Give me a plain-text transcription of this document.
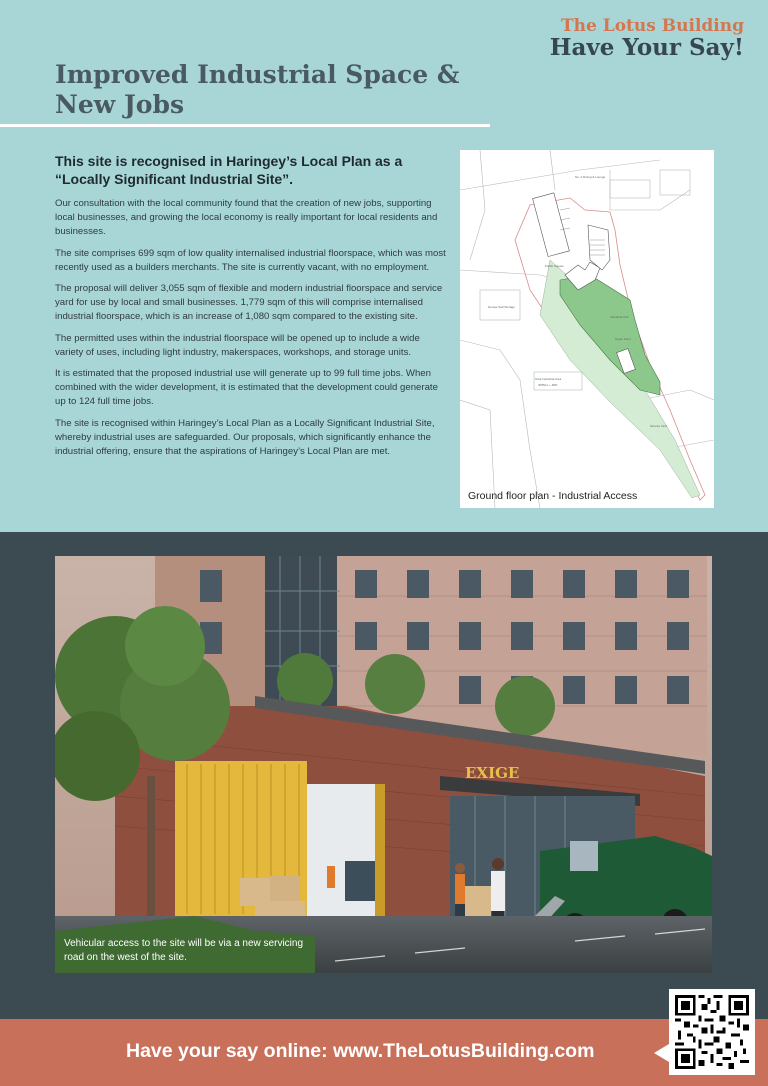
The Lotus Building
Have Your Say!
Improved Industrial Space & New Jobs
This site is recognised in Haringey’s Local Plan as a “Locally Significant Industrial Site”.

Our consultation with the local community found that the creation of new jobs, supporting local businesses, and growing the local economy is really important for local residents and businesses.

The site comprises 699 sqm of low quality internalised industrial floorspace, which was most recently used as a builders merchants. The site is currently vacant, with no employment.

The proposal will deliver 3,055 sqm of flexible and modern industrial floorspace and service yard for use by local and small businesses. 1,779 sqm of this will comprise internalised industrial floorspace, which is an increase of 1,080 sqm compared to the existing site.

The permitted uses within the industrial floorspace will be opened up to include a wide variety of uses, including light industry, makerspaces, workshops, and storage units.

It is estimated that the proposed industrial use will generate up to 99 full time jobs. When combined with the wider development, it is estimated that the development could generate up to 124 full time jobs.

The site is recognised within Haringey’s Local Plan as a Locally Significant Industrial Site, whereby industrial uses are safeguarded. Our proposals, which significantly enhance the industrial offering, ensure that the aspirations of Haringey’s Local Plan are met.

No. 2 Dining & Lounge
Public Square
Homes Self Storage
Industrial Unit
Upper Floor
Total Industrial Area
3055m² + 48%
Service Yard
Ground floor plan - Industrial Access
EXIGE
Vehicular access to the site will be via a new servicing road on the west of the site.
Have your say online: www.TheLotusBuilding.com
